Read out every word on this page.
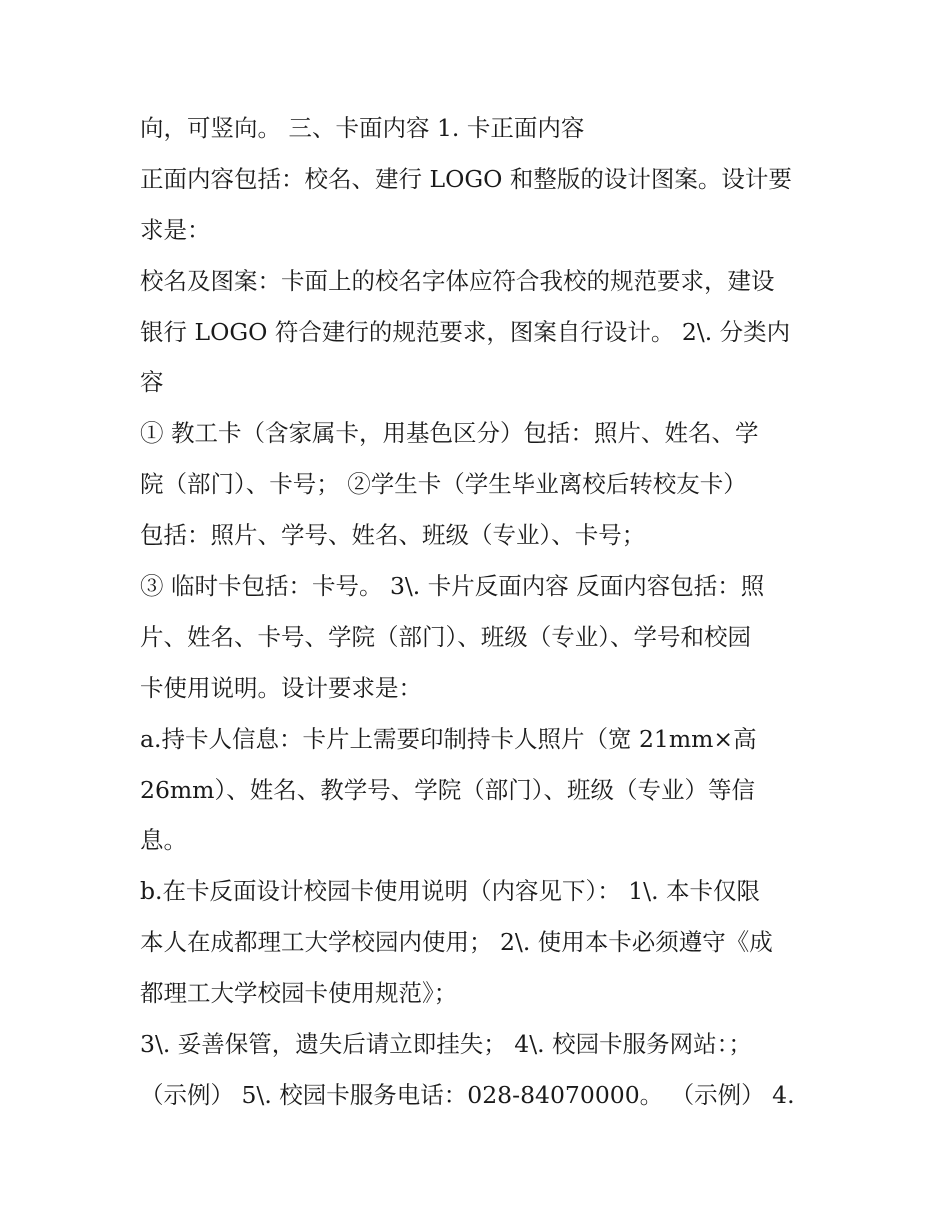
向，可竖向。 三、卡面内容 1. 卡正面内容
正面内容包括：校名、建行 LOGO 和整版的设计图案。设计要
求是：
校名及图案：卡面上的校名字体应符合我校的规范要求，建设
银行 LOGO 符合建行的规范要求，图案自行设计。 2\. 分类内
容
① 教工卡（含家属卡，用基色区分）包括：照片、姓名、学
院（部门）、卡号； ②学生卡（学生毕业离校后转校友卡）
包括：照片、学号、姓名、班级（专业）、卡号；
③ 临时卡包括：卡号。 3\. 卡片反面内容 反面内容包括：照
片、姓名、卡号、学院（部门）、班级（专业）、学号和校园
卡使用说明。设计要求是：
a.持卡人信息：卡片上需要印制持卡人照片（宽 21mm×高
26mm）、姓名、教学号、学院（部门）、班级（专业）等信
息。
b.在卡反面设计校园卡使用说明（内容见下）： 1\. 本卡仅限
本人在成都理工大学校园内使用； 2\. 使用本卡必须遵守《成
都理工大学校园卡使用规范》；
3\. 妥善保管，遗失后请立即挂失； 4\. 校园卡服务网站：；
（示例） 5\. 校园卡服务电话：028-84070000。 （示例） 4.
